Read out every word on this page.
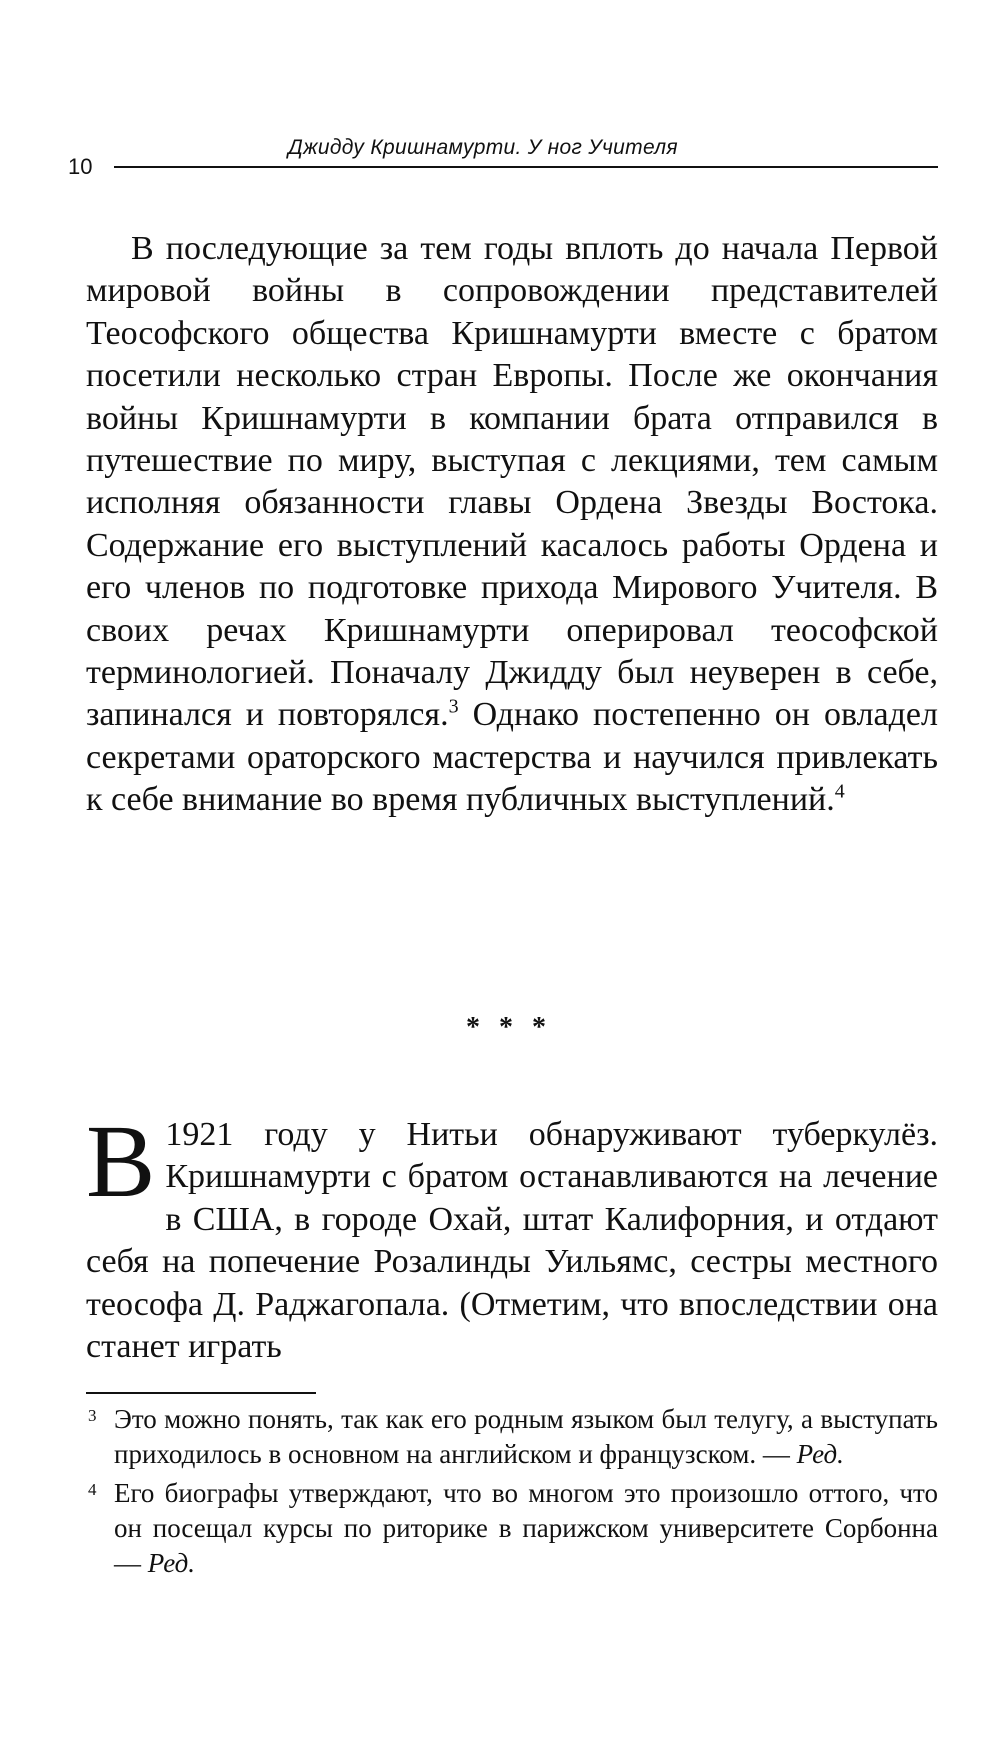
10
Джидду Кришнамурти. У ног Учителя

В последующие за тем годы вплоть до начала Первой мировой войны в сопровождении представителей Теософского общества Кришнамурти вместе с братом посетили несколько стран Европы. После же окончания войны Кришнамурти в компании брата отправился в путешествие по миру, выступая с лекциями, тем самым исполняя обязанности главы Ордена Звезды Востока. Содержание его выступлений касалось работы Ордена и его членов по подготовке прихода Мирового Учителя. В своих речах Кришнамурти оперировал теософской терминологией. Поначалу Джидду был неуверен в себе, запинался и повторялся.$^3$ Однако постепенно он овладел секретами ораторского мастерства и научился привлекать к себе внимание во время публичных выступлений.$^4$

* * *

В 1921 году у Нитьи обнаруживают туберкулёз. Кришнамурти с братом останавливаются на лечение в США, в городе Охай, штат Калифорния, и отдают себя на попечение Розалинды Уильямс, сестры местного теософа Д. Раджагопала. (Отметим, что впоследствии она станет играть

3 Это можно понять, так как его родным языком был телугу, а выступать приходилось в основном на английском и французском. — Ред.
4 Его биографы утверждают, что во многом это произошло оттого, что он посещал курсы по риторике в парижском университете Сорбонна — Ред.
